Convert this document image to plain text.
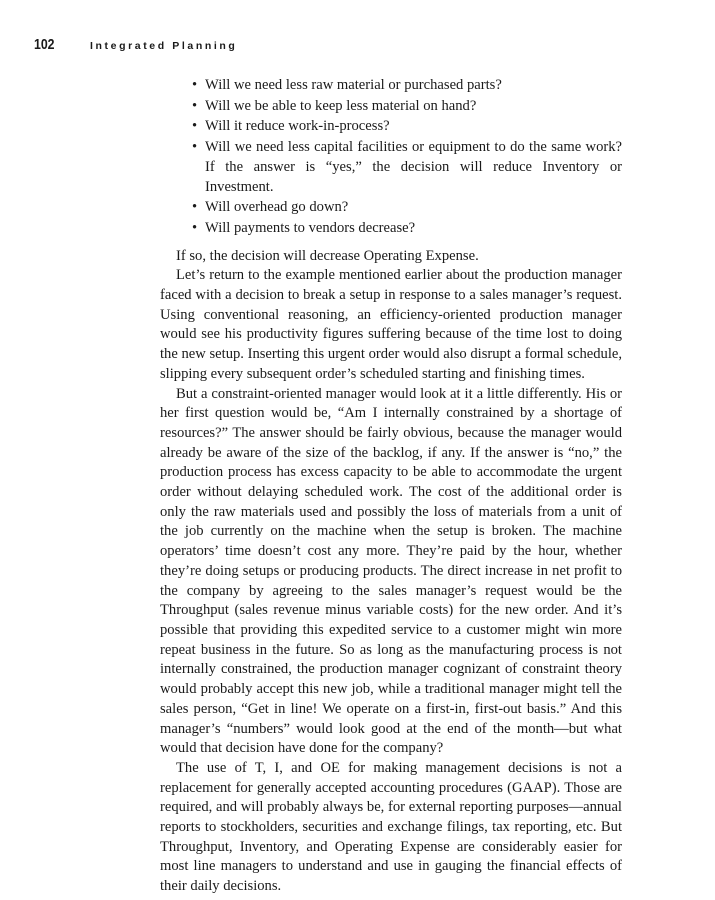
102	Integrated Planning
• Will we need less raw material or purchased parts?
• Will we be able to keep less material on hand?
• Will it reduce work-in-process?
• Will we need less capital facilities or equipment to do the same work? If the answer is “yes,” the decision will reduce Inventory or Investment.
• Will overhead go down?
• Will payments to vendors decrease?

If so, the decision will decrease Operating Expense.

Let’s return to the example mentioned earlier about the production manager faced with a decision to break a setup in response to a sales manager’s request. Using conventional reasoning, an efficiency-oriented production manager would see his productivity figures suffering because of the time lost to doing the new setup. Inserting this urgent order would also disrupt a formal schedule, slipping every subsequent order’s scheduled starting and finishing times.

But a constraint-oriented manager would look at it a little differently. His or her first question would be, “Am I internally constrained by a shortage of resources?” The answer should be fairly obvious, because the manager would already be aware of the size of the backlog, if any. If the answer is “no,” the production process has excess capacity to be able to accommodate the urgent order without delaying scheduled work. The cost of the additional order is only the raw materials used and possibly the loss of materials from a unit of the job currently on the machine when the setup is broken. The machine operators’ time doesn’t cost any more. They’re paid by the hour, whether they’re doing setups or producing products. The direct increase in net profit to the company by agreeing to the sales manager’s request would be the Throughput (sales revenue minus variable costs) for the new order. And it’s possible that providing this expedited service to a customer might win more repeat business in the future. So as long as the manufacturing process is not internally constrained, the production manager cognizant of constraint theory would probably accept this new job, while a traditional manager might tell the sales person, “Get in line! We operate on a first-in, first-out basis.” And this manager’s “numbers” would look good at the end of the month—but what would that decision have done for the company?

The use of T, I, and OE for making management decisions is not a replacement for generally accepted accounting procedures (GAAP). Those are required, and will probably always be, for external reporting purposes—annual reports to stockholders, securities and exchange filings, tax reporting, etc. But Throughput, Inventory, and Operating Expense are considerably easier for most line managers to understand and use in gauging the financial effects of their daily decisions.
